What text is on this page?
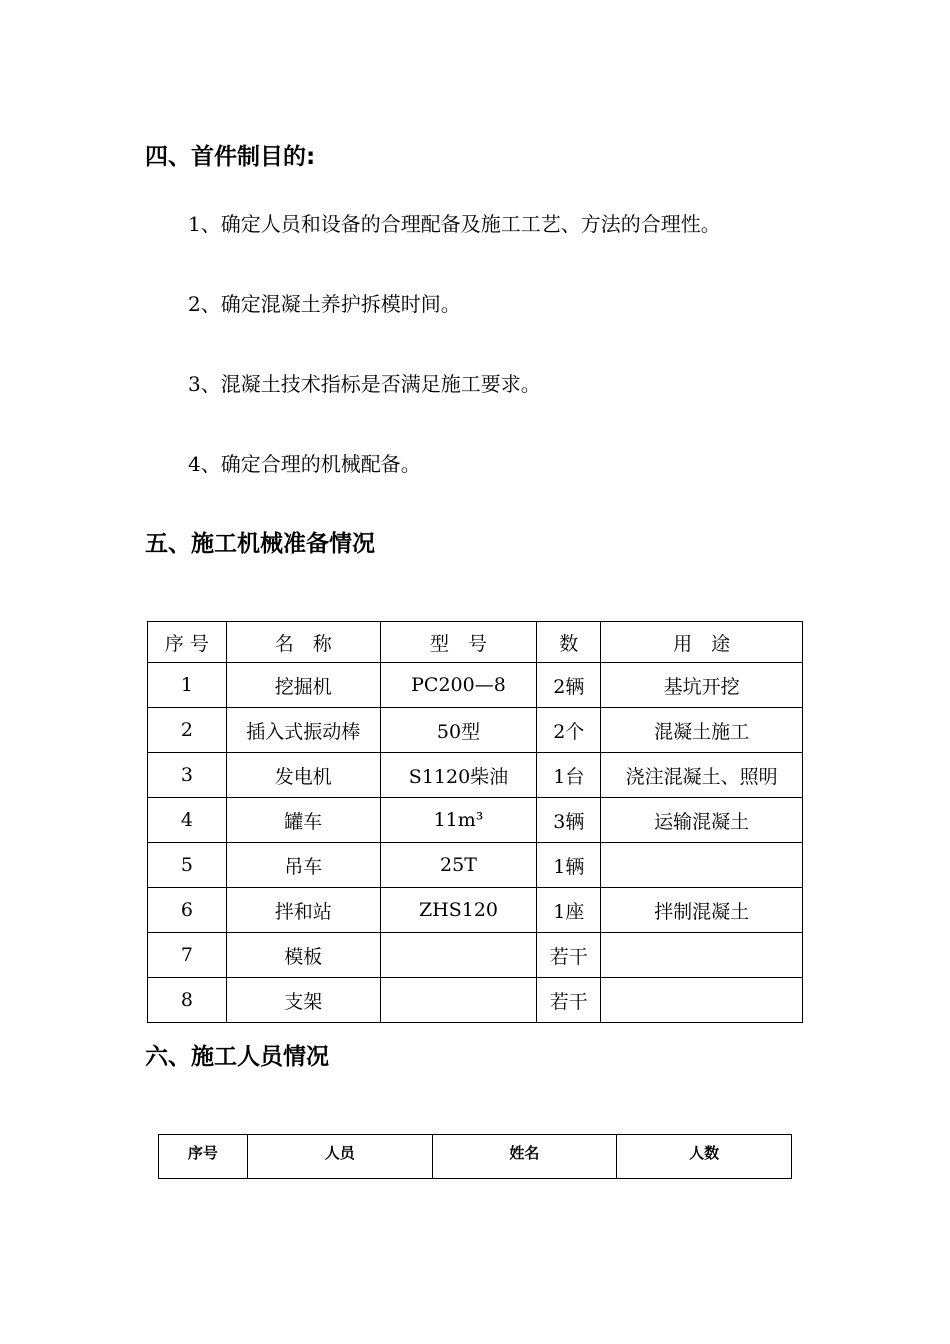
四、首件制目的:

1、确定人员和设备的合理配备及施工工艺、方法的合理性。

2、确定混凝土养护拆模时间。

3、混凝土技术指标是否满足施工要求。

4、确定合理的机械配备。

五、施工机械准备情况
序 号	名　称	型　号	数	用　途
1	挖掘机	PC200—8	2辆	基坑开挖
2	插入式振动棒	50型	2个	混凝土施工
3	发电机	S1120柴油	1台	浇注混凝土、照明
4	罐车	11m³	3辆	运输混凝土
5	吊车	25T	1辆	
6	拌和站	ZHS120	1座	拌制混凝土
7	模板		若干	
8	支架		若干	
六、施工人员情况
序号	人员	姓名	人数
